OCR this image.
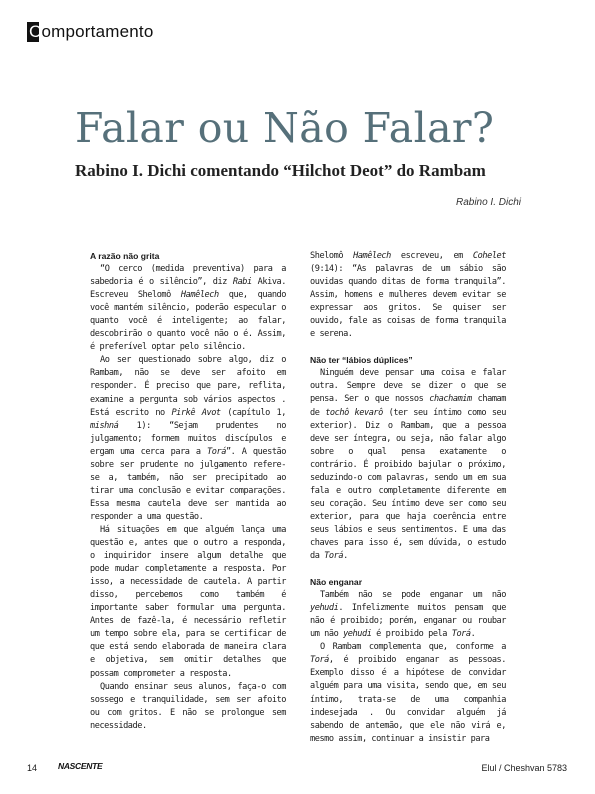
Comportamento
Falar ou Não Falar?
Rabino I. Dichi comentando “Hilchot Deot” do Rambam

Rabino I. Dichi

A razão não grita

“O cerco (medida preventiva) para a sabedoria é o silêncio”, diz Rabi Akiva. Escreveu Shelomô Hamêlech que, quando você mantém silêncio, poderão especular o quanto você é inteligente; ao falar, descobrirão o quanto você não o é. Assim, é preferível optar pelo silêncio.

Ao ser questionado sobre algo, diz o Rambam, não se deve ser afoito em responder. É preciso que pare, reflita, examine a pergunta sob vários aspectos . Está escrito no Pirkê Avot (capítulo 1, mishná 1): “Sejam prudentes no julgamento; formem muitos discípulos e ergam uma cerca para a Torá”. A questão sobre ser prudente no julgamento refere-se a, também, não ser precipitado ao tirar uma conclusão e evitar comparações. Essa mesma cautela deve ser mantida ao responder a uma questão.

Há situações em que alguém lança uma questão e, antes que o outro a responda, o inquiridor insere algum detalhe que pode mudar completamente a resposta. Por isso, a necessidade de cautela. A partir disso, percebemos como também é importante saber formular uma pergunta. Antes de fazê-la, é necessário refletir um tempo sobre ela, para se certificar de que está sendo elaborada de maneira clara e objetiva, sem omitir detalhes que possam comprometer a resposta.

Quando ensinar seus alunos, faça-o com sossego e tranquilidade, sem ser afoito ou com gritos. E não se prolongue sem necessidade.

Shelomô Hamêlech escreveu, em Cohelet (9:14): “As palavras de um sábio são ouvidas quando ditas de forma tranquila”. Assim, homens e mulheres devem evitar se expressar aos gritos. Se quiser ser ouvido, fale as coisas de forma tranquila e serena.

Não ter “lábios dúplices”

Ninguém deve pensar uma coisa e falar outra. Sempre deve se dizer o que se pensa. Ser o que nossos chachamim chamam de tochô kevarô (ter seu íntimo como seu exterior). Diz o Rambam, que a pessoa deve ser íntegra, ou seja, não falar algo sobre o qual pensa exatamente o contrário. É proibido bajular o próximo, seduzindo-o com palavras, sendo um em sua fala e outro completamente diferente em seu coração. Seu íntimo deve ser como seu exterior, para que haja coerência entre seus lábios e seus sentimentos. E uma das chaves para isso é, sem dúvida, o estudo da Torá.

Não enganar

Também não se pode enganar um não yehudi. Infelizmente muitos pensam que não é proibido; porém, enganar ou roubar um não yehudi é proibido pela Torá.

O Rambam complementa que, conforme a Torá, é proibido enganar as pessoas. Exemplo disso é a hipótese de convidar alguém para uma visita, sendo que, em seu íntimo, trata-se de uma companhia indesejada . Ou convidar alguém já sabendo de antemão, que ele não virá e, mesmo assim, continuar a insistir para

14 NASCENTE	Elul / Cheshvan 5783
